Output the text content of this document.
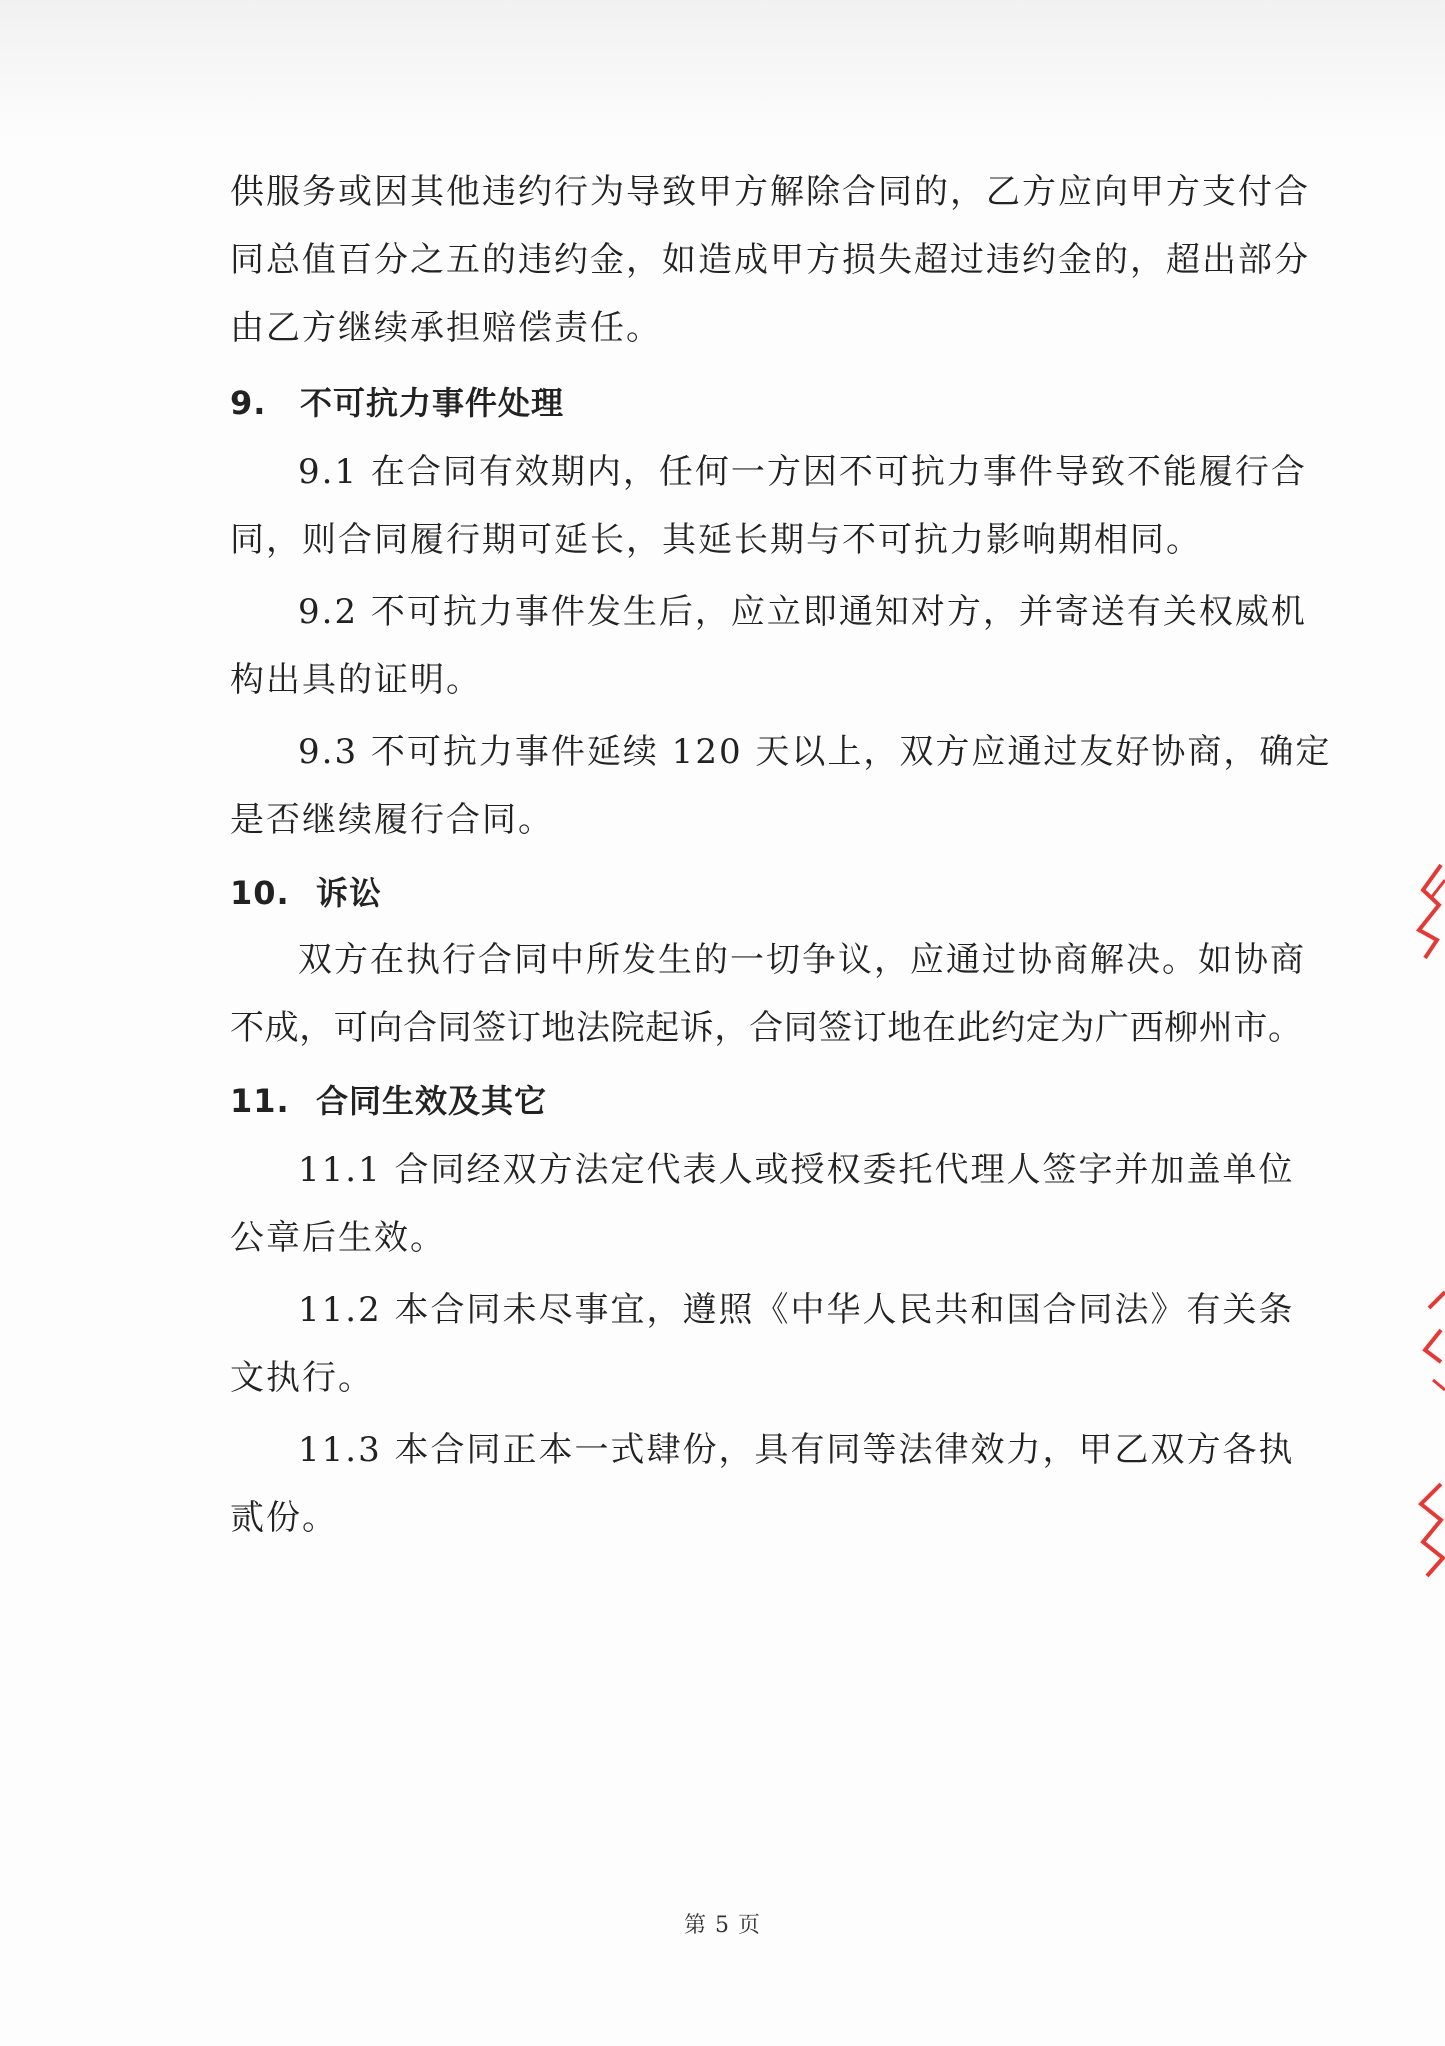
供服务或因其他违约行为导致甲方解除合同的，乙方应向甲方支付合

同总值百分之五的违约金，如造成甲方损失超过违约金的，超出部分

由乙方继续承担赔偿责任。

9. 不可抗力事件处理

9.1 在合同有效期内，任何一方因不可抗力事件导致不能履行合

同，则合同履行期可延长，其延长期与不可抗力影响期相同。

9.2 不可抗力事件发生后，应立即通知对方，并寄送有关权威机

构出具的证明。

9.3 不可抗力事件延续 120 天以上，双方应通过友好协商，确定

是否继续履行合同。

10. 诉讼

双方在执行合同中所发生的一切争议，应通过协商解决。如协商

不成，可向合同签订地法院起诉，合同签订地在此约定为广西柳州市。

11. 合同生效及其它

11.1 合同经双方法定代表人或授权委托代理人签字并加盖单位

公章后生效。

11.2 本合同未尽事宜，遵照《中华人民共和国合同法》有关条

文执行。

11.3 本合同正本一式肆份，具有同等法律效力，甲乙双方各执

贰份。

第 5 页
